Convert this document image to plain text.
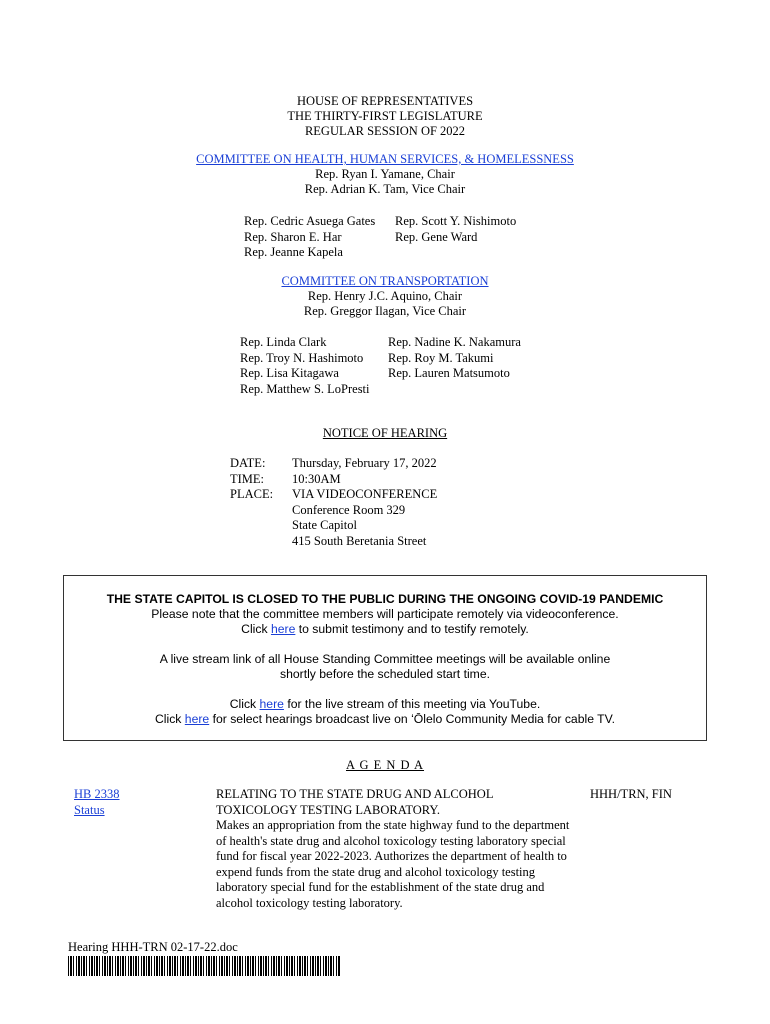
HOUSE OF REPRESENTATIVES
THE THIRTY-FIRST LEGISLATURE
REGULAR SESSION OF 2022
COMMITTEE ON HEALTH, HUMAN SERVICES, & HOMELESSNESS
Rep. Ryan I. Yamane, Chair
Rep. Adrian K. Tam, Vice Chair

Rep. Cedric Asuega Gates

Rep. Sharon E. Har

Rep. Jeanne Kapela

Rep. Scott Y. Nishimoto

Rep. Gene Ward

COMMITTEE ON TRANSPORTATION
Rep. Henry J.C. Aquino, Chair
Rep. Greggor Ilagan, Vice Chair

Rep. Linda Clark

Rep. Troy N. Hashimoto

Rep. Lisa Kitagawa

Rep. Matthew S. LoPresti

Rep. Nadine K. Nakamura

Rep. Roy M. Takumi

Rep. Lauren Matsumoto

NOTICE OF HEARING

DATE:

TIME:

PLACE:

Thursday, February 17, 2022

10:30AM

VIA VIDEOCONFERENCE

Conference Room 329

State Capitol

415 South Beretania Street

THE STATE CAPITOL IS CLOSED TO THE PUBLIC DURING THE ONGOING COVID-19 PANDEMIC
Please note that the committee members will participate remotely via videoconference.
Click here to submit testimony and to testify remotely.
A live stream link of all House Standing Committee meetings will be available online
shortly before the scheduled start time.
Click here for the live stream of this meeting via YouTube.
Click here for select hearings broadcast live on ʻŌlelo Community Media for cable TV.
A G E N D A

HB 2338

Status

RELATING TO THE STATE DRUG AND ALCOHOL

TOXICOLOGY TESTING LABORATORY.

Makes an appropriation from the state highway fund to the department

of health's state drug and alcohol toxicology testing laboratory special

fund for fiscal year 2022-2023. Authorizes the department of health to

expend funds from the state drug and alcohol toxicology testing

laboratory special fund for the establishment of the state drug and

alcohol toxicology testing laboratory.

HHH/TRN, FIN

Hearing HHH-TRN 02-17-22.doc
